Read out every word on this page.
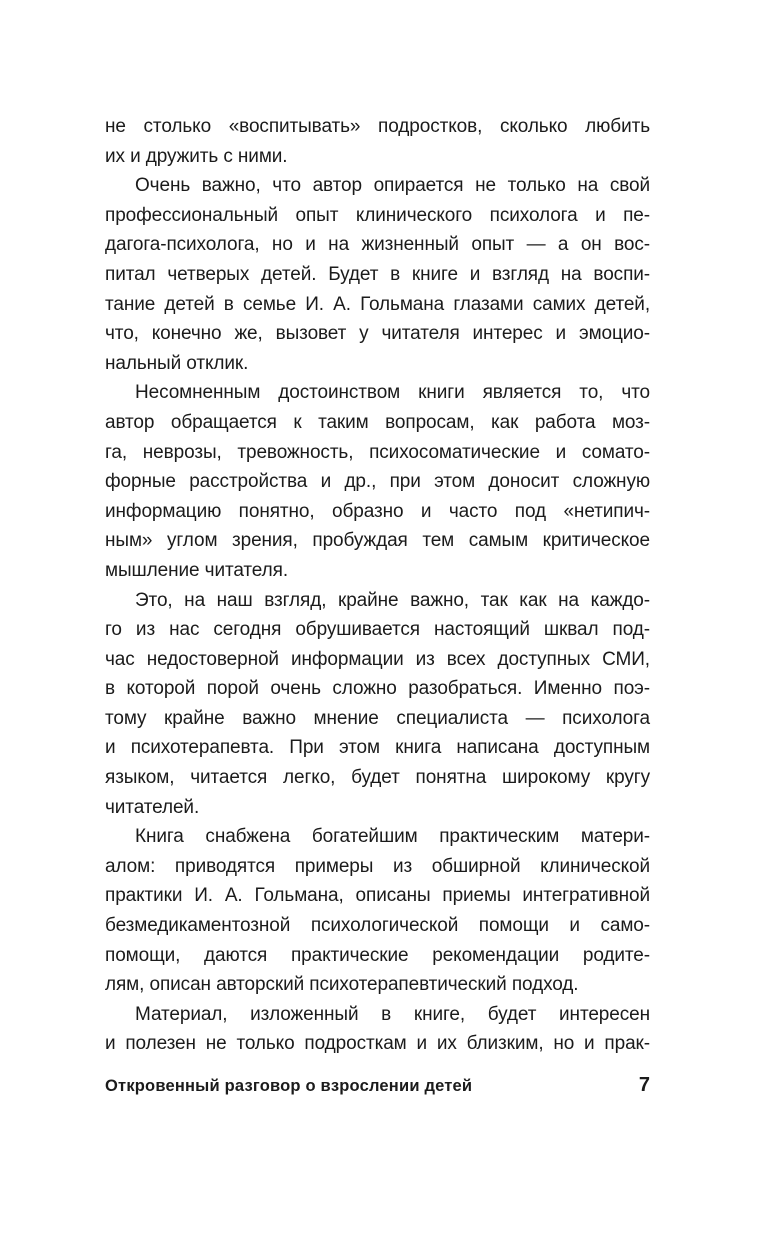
не столько «воспитывать» подростков, сколько любить
их и дружить с ними.
Очень важно, что автор опирается не только на свой
профессиональный опыт клинического психолога и пе-
дагога-психолога, но и на жизненный опыт — а он вос-
питал четверых детей. Будет в книге и взгляд на воспи-
тание детей в семье И. А. Гольмана глазами самих детей,
что, конечно же, вызовет у читателя интерес и эмоцио-
нальный отклик.
Несомненным достоинством книги является то, что
автор обращается к таким вопросам, как работа моз-
га, неврозы, тревожность, психосоматические и сомато-
форные расстройства и др., при этом доносит сложную
информацию понятно, образно и часто под «нетипич-
ным» углом зрения, пробуждая тем самым критическое
мышление читателя.
Это, на наш взгляд, крайне важно, так как на каждо-
го из нас сегодня обрушивается настоящий шквал под-
час недостоверной информации из всех доступных СМИ,
в которой порой очень сложно разобраться. Именно поэ-
тому крайне важно мнение специалиста — психолога
и психотерапевта. При этом книга написана доступным
языком, читается легко, будет понятна широкому кругу
читателей.
Книга снабжена богатейшим практическим матери-
алом: приводятся примеры из обширной клинической
практики И. А. Гольмана, описаны приемы интегративной
безмедикаментозной психологической помощи и само-
помощи, даются практические рекомендации родите-
лям, описан авторский психотерапевтический подход.
Материал, изложенный в книге, будет интересен
и полезен не только подросткам и их близким, но и прак-
Откровенный разговор о взрослении детей	7
